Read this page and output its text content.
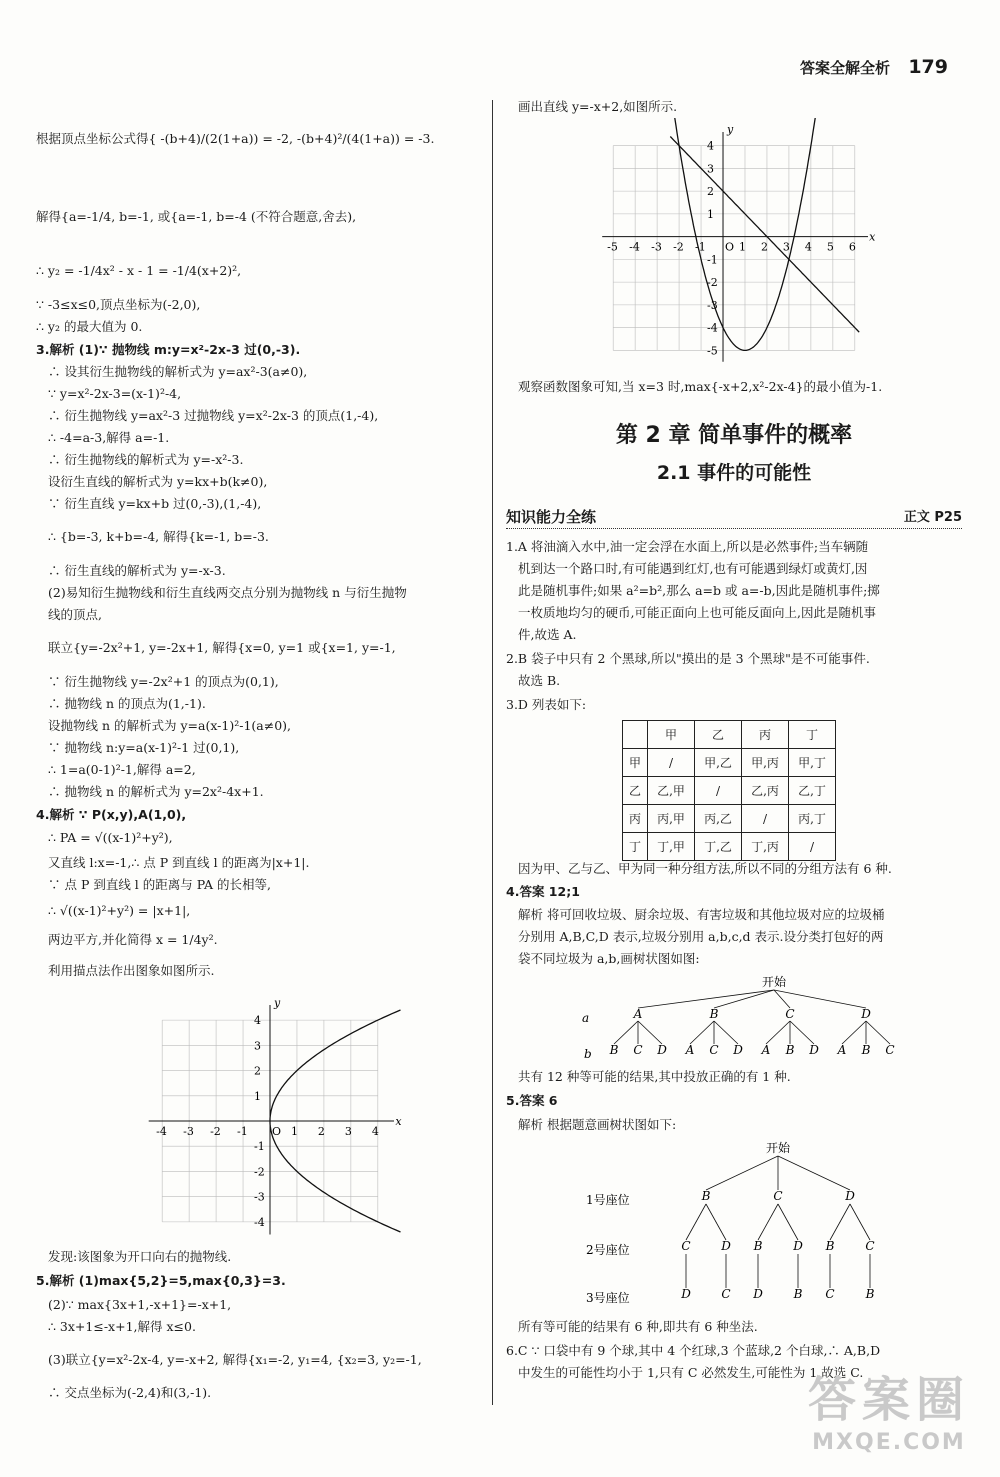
答案全解全析 179
根据顶点坐标公式得{ -(b+4)/(2(1+a)) = -2, -(b+4)²/(4(1+a)) = -3.
解得{a=-1/4, b=-1, 或{a=-1, b=-4 (不符合题意,舍去),
∴ y₂ = -1/4x² - x - 1 = -1/4(x+2)²,
∵ -3≤x≤0,顶点坐标为(-2,0),
∴ y₂ 的最大值为 0.
3.解析 (1)∵ 抛物线 m:y=x²-2x-3 过(0,-3).
∴ 设其衍生抛物线的解析式为 y=ax²-3(a≠0),
∵ y=x²-2x-3=(x-1)²-4,
∴ 衍生抛物线 y=ax²-3 过抛物线 y=x²-2x-3 的顶点(1,-4),
∴ -4=a-3,解得 a=-1.
∴ 衍生抛物线的解析式为 y=-x²-3.
设衍生直线的解析式为 y=kx+b(k≠0),
∵ 衍生直线 y=kx+b 过(0,-3),(1,-4),
∴ {b=-3, k+b=-4, 解得{k=-1, b=-3.
∴ 衍生直线的解析式为 y=-x-3.
(2)易知衍生抛物线和衍生直线两交点分别为抛物线 n 与衍生抛物
线的顶点,
联立{y=-2x²+1, y=-2x+1, 解得{x=0, y=1 或{x=1, y=-1,
∵ 衍生抛物线 y=-2x²+1 的顶点为(0,1),
∴ 抛物线 n 的顶点为(1,-1).
设抛物线 n 的解析式为 y=a(x-1)²-1(a≠0),
∵ 抛物线 n:y=a(x-1)²-1 过(0,1),
∴ 1=a(0-1)²-1,解得 a=2,
∴ 抛物线 n 的解析式为 y=2x²-4x+1.
4.解析 ∵ P(x,y),A(1,0),
∴ PA = √((x-1)²+y²),
又直线 l:x=-1,∴ 点 P 到直线 l 的距离为|x+1|.
∵ 点 P 到直线 l 的距离与 PA 的长相等,
∴ √((x-1)²+y²) = |x+1|,
两边平方,并化简得 x = 1/4y².
利用描点法作出图象如图所示.
x
y
-4 -3 -2 -1 O 1 2 3 4
4
3
2
1
-1
-2
-3
-4
发现:该图象为开口向右的抛物线.
5.解析 (1)max{5,2}=5,max{0,3}=3.
(2)∵ max{3x+1,-x+1}=-x+1,
∴ 3x+1≤-x+1,解得 x≤0.
(3)联立{y=x²-2x-4, y=-x+2, 解得{x₁=-2, y₁=4, {x₂=3, y₂=-1,
∴ 交点坐标为(-2,4)和(3,-1).
画出直线 y=-x+2,如图所示.
x
y
-5 -4 -3 -2 -1 O 1 2 3 4 5 6
4
3
2
1
-1
-2
-3
-4
-5
观察函数图象可知,当 x=3 时,max{-x+2,x²-2x-4}的最小值为-1.
第 2 章 简单事件的概率
2.1 事件的可能性
知识能力全练	正文 P25
1.A 将油滴入水中,油一定会浮在水面上,所以是必然事件;当车辆随
机到达一个路口时,有可能遇到红灯,也有可能遇到绿灯或黄灯,因
此是随机事件;如果 a²=b²,那么 a=b 或 a=-b,因此是随机事件;掷
一枚质地均匀的硬币,可能正面向上也可能反面向上,因此是随机事
件,故选 A.
2.B 袋子中只有 2 个黑球,所以"摸出的是 3 个黑球"是不可能事件.
故选 B.
3.D 列表如下:
	甲	乙	丙	丁
甲	/	甲,乙	甲,丙	甲,丁
乙	乙,甲	/	乙,丙	乙,丁
丙	丙,甲	丙,乙	/	丙,丁
丁	丁,甲	丁,乙	丁,丙	/
因为甲、乙与乙、甲为同一种分组方法,所以不同的分组方法有 6 种.
4.答案 12;1
解析 将可回收垃圾、厨余垃圾、有害垃圾和其他垃圾对应的垃圾桶
分别用 A,B,C,D 表示,垃圾分别用 a,b,c,d 表示.设分类打包好的两
袋不同垃圾为 a,b,画树状图如图:
开始
a
b
A
B C D
B
A C D
C
A B D
D
A B C
共有 12 种等可能的结果,其中投放正确的有 1 种.
5.答案 6
解析 根据题意画树状图如下:
开始
1号座位
2号座位
3号座位
B
C
D
D
C
C
B
D
D
B
D
B
C
C
B
所有等可能的结果有 6 种,即共有 6 种坐法.
6.C ∵ 口袋中有 9 个球,其中 4 个红球,3 个蓝球,2 个白球,∴ A,B,D
中发生的可能性均小于 1,只有 C 必然发生,可能性为 1,故选 C.
答案圈
MXQE.COM
